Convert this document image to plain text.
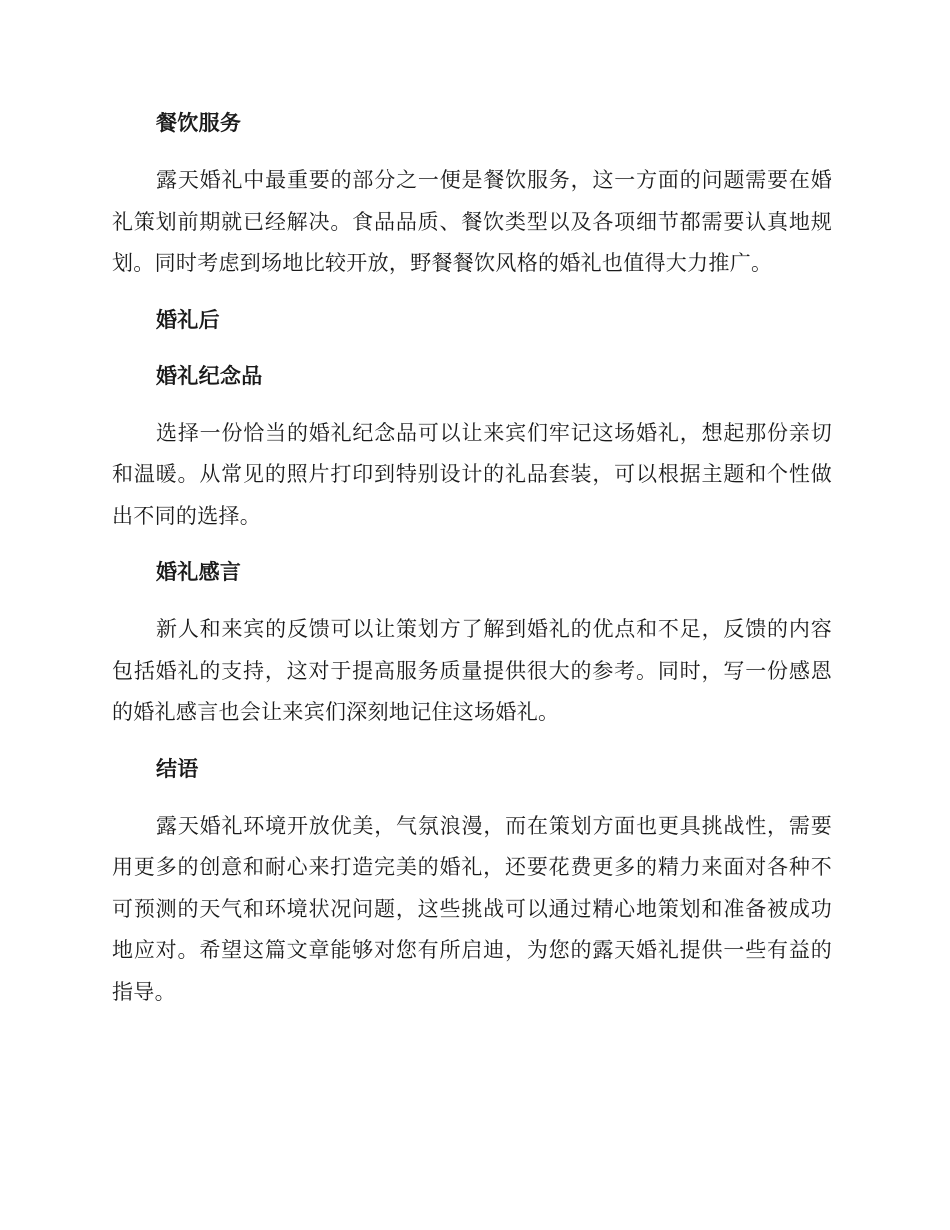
餐饮服务

露天婚礼中最重要的部分之一便是餐饮服务，这一方面的问题需要在婚礼策划前期就已经解决。食品品质、餐饮类型以及各项细节都需要认真地规划。同时考虑到场地比较开放，野餐餐饮风格的婚礼也值得大力推广。

婚礼后
婚礼纪念品

选择一份恰当的婚礼纪念品可以让来宾们牢记这场婚礼，想起那份亲切和温暖。从常见的照片打印到特别设计的礼品套装，可以根据主题和个性做出不同的选择。

婚礼感言

新人和来宾的反馈可以让策划方了解到婚礼的优点和不足，反馈的内容包括婚礼的支持，这对于提高服务质量提供很大的参考。同时，写一份感恩的婚礼感言也会让来宾们深刻地记住这场婚礼。

结语

露天婚礼环境开放优美，气氛浪漫，而在策划方面也更具挑战性，需要用更多的创意和耐心来打造完美的婚礼，还要花费更多的精力来面对各种不可预测的天气和环境状况问题，这些挑战可以通过精心地策划和准备被成功地应对。希望这篇文章能够对您有所启迪，为您的露天婚礼提供一些有益的指导。
